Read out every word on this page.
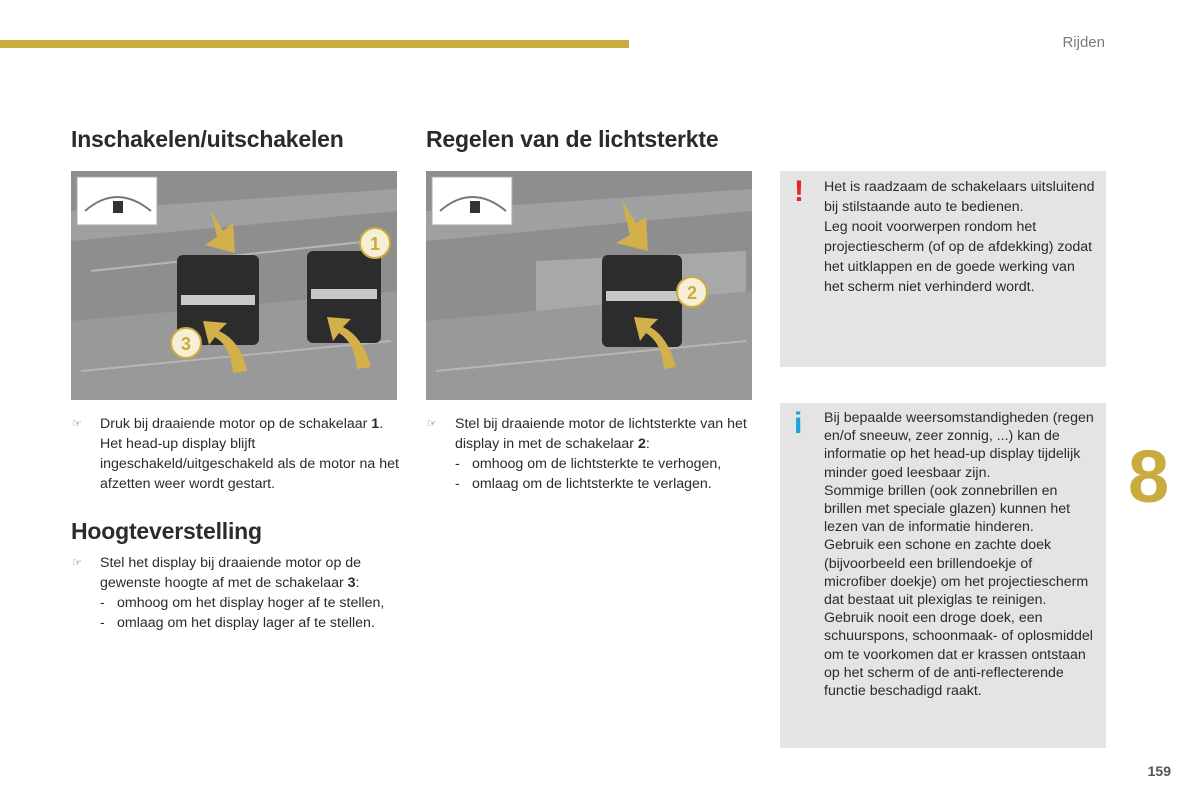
Rijden
8
159
Inschakelen/uitschakelen
1
3
☞ Druk bij draaiende motor op de schakelaar 1. Het head-up display blijft ingeschakeld/uitgeschakeld als de motor na het afzetten weer wordt gestart.
Hoogteverstelling
☞ Stel het display bij draaiende motor op de gewenste hoogte af met de schakelaar 3:
- omhoog om het display hoger af te stellen,
- omlaag om het display lager af te stellen.
Regelen van de lichtsterkte
2
☞ Stel bij draaiende motor de lichtsterkte van het display in met de schakelaar 2:
- omhoog om de lichtsterkte te verhogen,
- omlaag om de lichtsterkte te verlagen.
! Het is raadzaam de schakelaars uitsluitend bij stilstaande auto te bedienen.

Leg nooit voorwerpen rondom het projectiescherm (of op de afdekking) zodat het uitklappen en de goede werking van het scherm niet verhinderd wordt.

i Bij bepaalde weersomstandigheden (regen en/of sneeuw, zeer zonnig, ...) kan de informatie op het head-up display tijdelijk minder goed leesbaar zijn.

Sommige brillen (ook zonnebrillen en brillen met speciale glazen) kunnen het lezen van de informatie hinderen.

Gebruik een schone en zachte doek (bijvoorbeeld een brillendoekje of microfiber doekje) om het projectiescherm dat bestaat uit plexiglas te reinigen. Gebruik nooit een droge doek, een schuurspons, schoonmaak- of oplosmiddel om te voorkomen dat er krassen ontstaan op het scherm of de anti-reflecterende functie beschadigd raakt.
